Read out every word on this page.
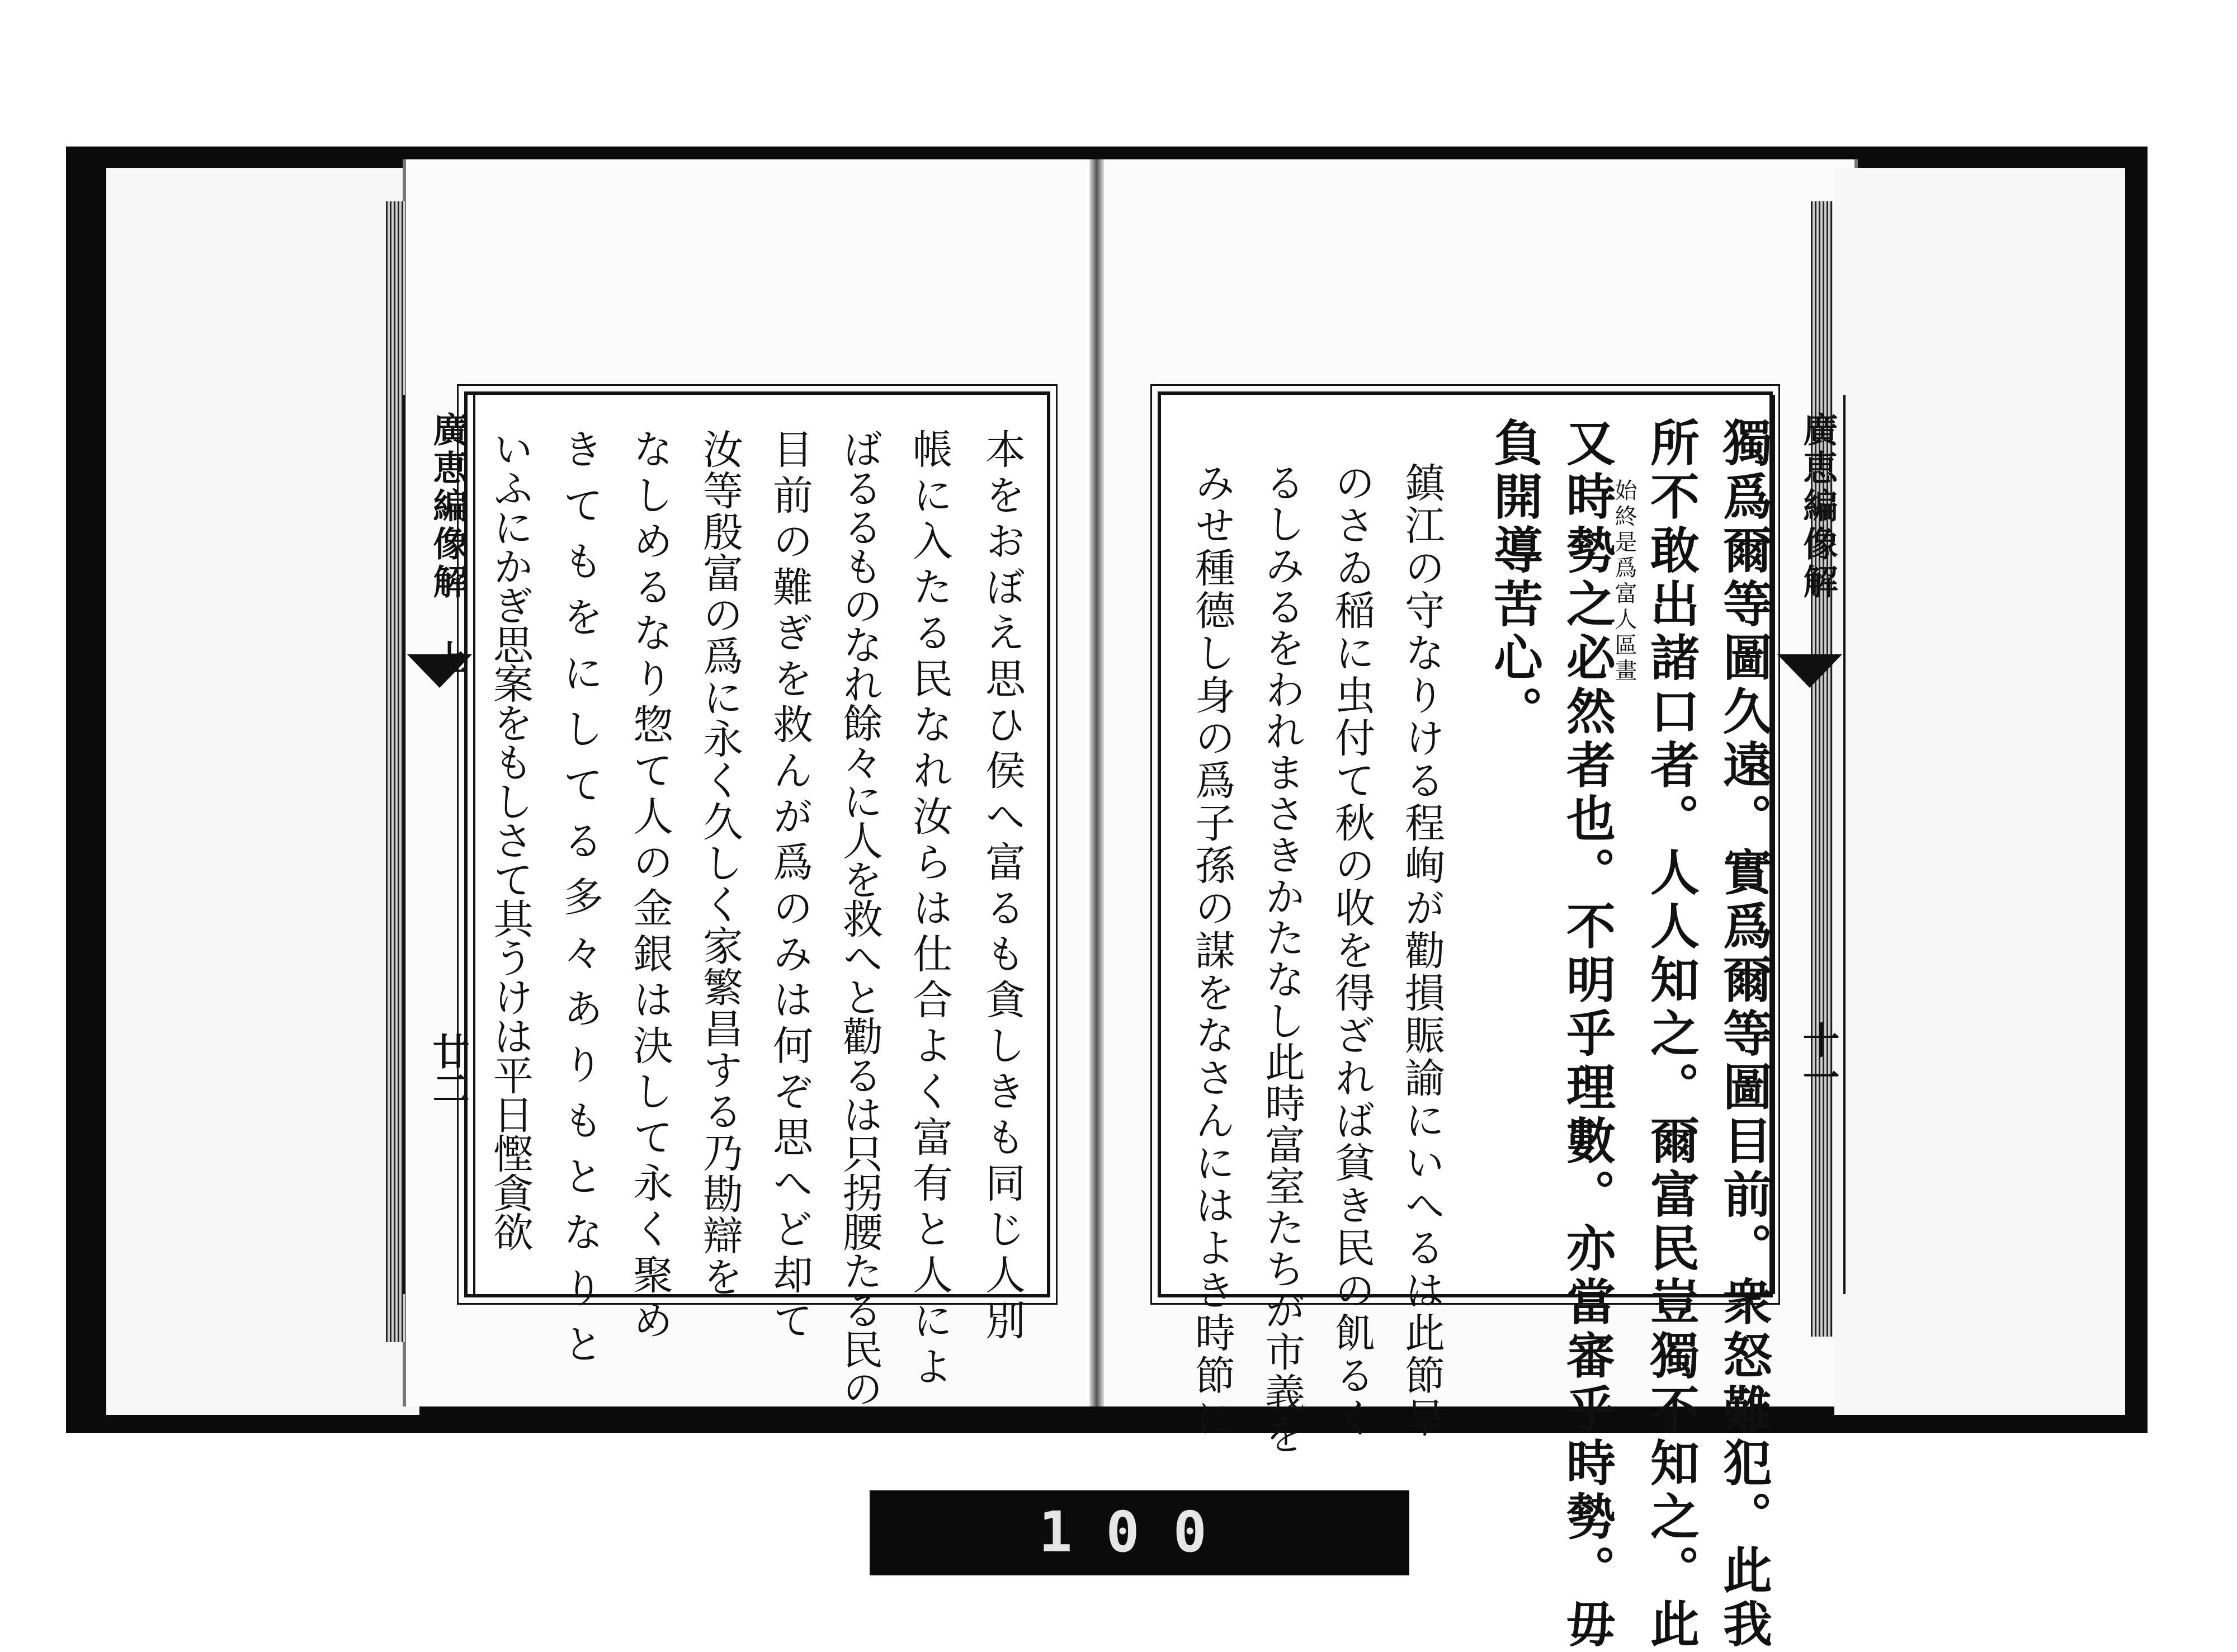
本をおぼえ思ひ侯へ富るも貪しきも同じ人別
帳に入たる民なれ汝らは仕合よく富有と人によ
ばるるものなれ餘々に人を救へと勸るは只拐腰たる民の
目前の難ぎを救んが爲のみは何ぞ思へど却て
汝等殷富の爲に永く久しく家繁昌する乃勘辯を
なしめるなり惣て人の金銀は決して永く聚め
きてもをにしてる多々ありもとなりと
いふにかぎ思案をもしさて其うけは平日慳貪欲
廣恵編像解　上
廿二	獨爲爾等圖久遠。實爲爾等圖目前。衆怒難犯。此我
所不敢出諸口者。人人知之。爾富民豈獨不知之。此
始終是爲富人區畫
又時勢之必然者也。不明乎理數。亦當審乎時勢。毋
負開導苦心。
鎮江の守なりける程峋が勸損賑諭にいへるは此節旱
のさゐ稲に虫付て秋の收を得ざれば貧き民の飢るく
るしみるをわれまさきかたなし此時富室たちが市義を
みせ種德し身の爲子孫の謀をなさんにはよき時節に	廣恵編像解
十一
100
